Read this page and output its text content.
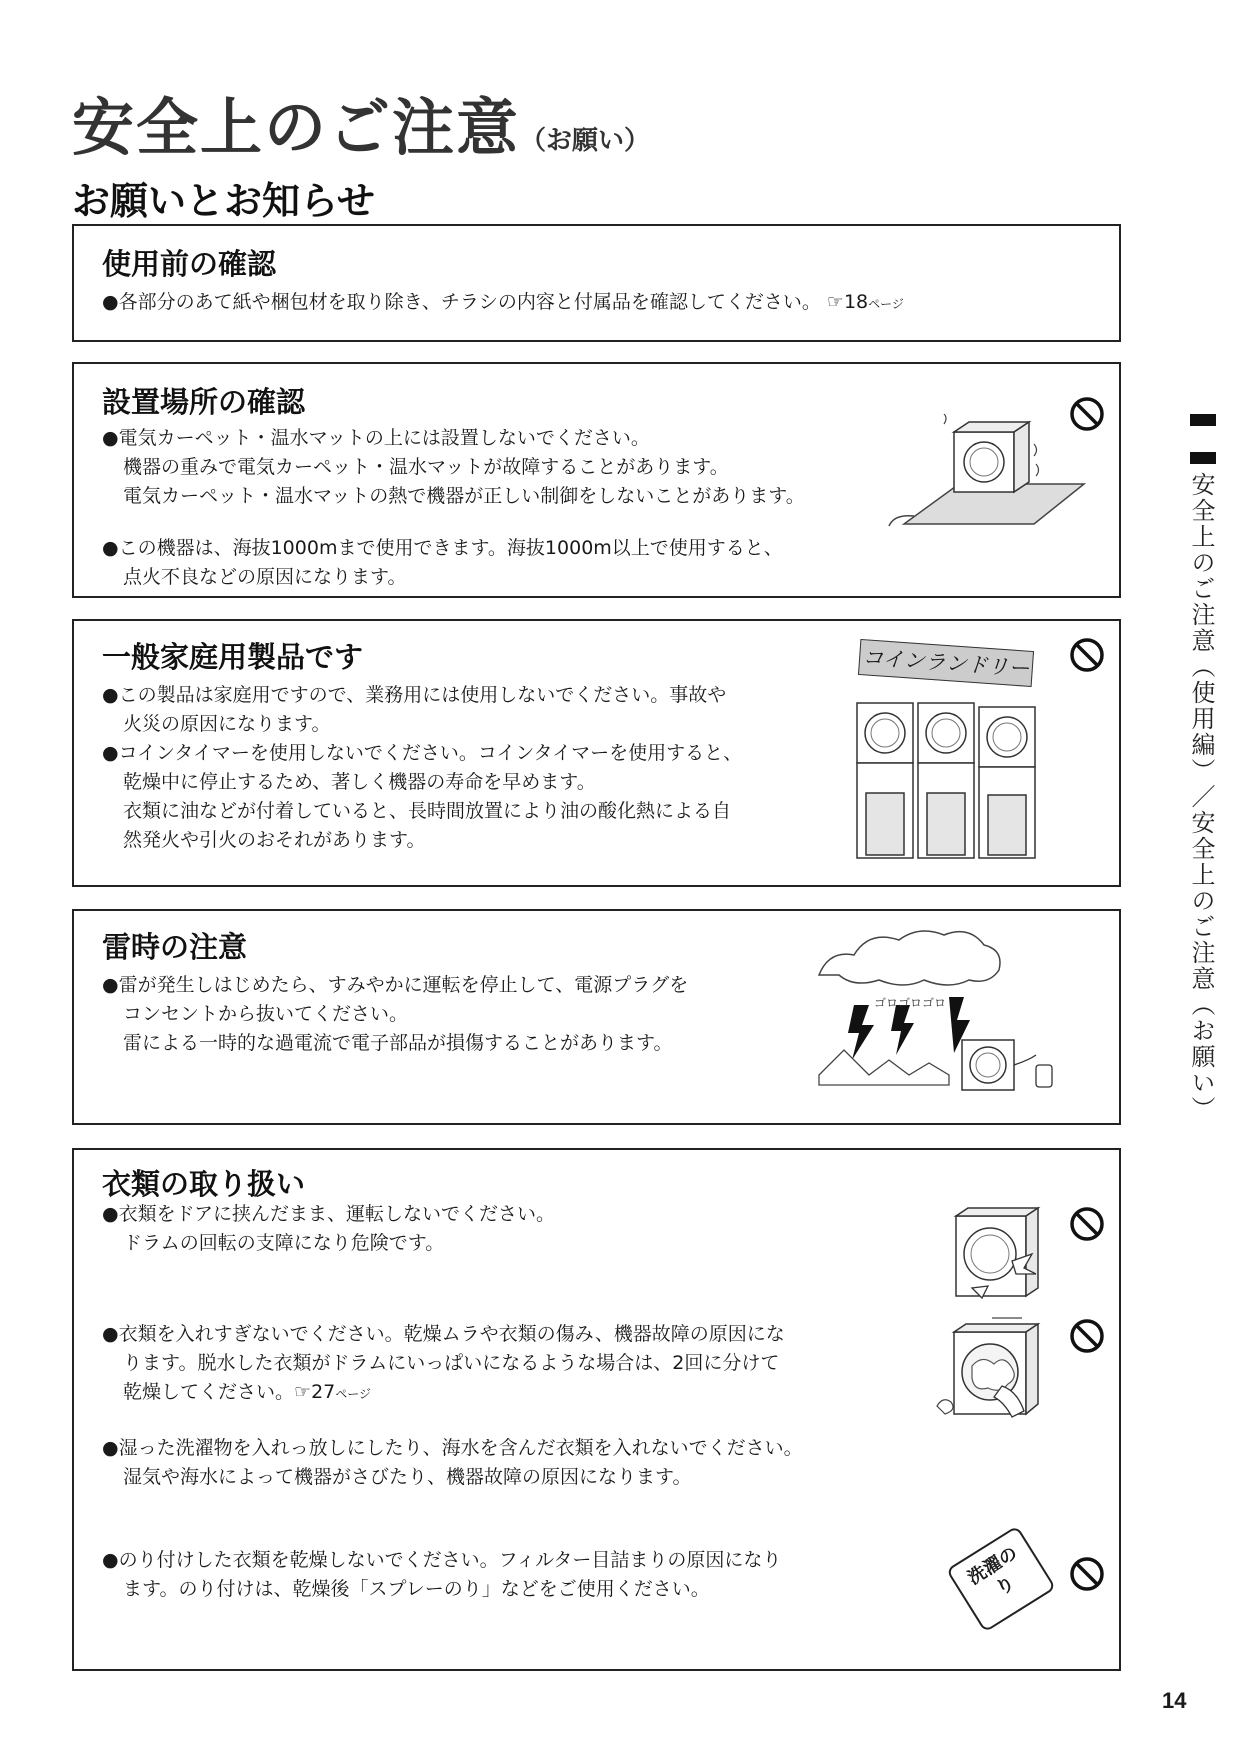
安全上のご注意（お願い）
お願いとお知らせ
使用前の確認
●各部分のあて紙や梱包材を取り除き、チラシの内容と付属品を確認してください。 ☞18ページ
設置場所の確認
●電気カーペット・温水マットの上には設置しないでください。
機器の重みで電気カーペット・温水マットが故障することがあります。
電気カーペット・温水マットの熱で機器が正しい制御をしないことがあります。
●この機器は、海抜1000mまで使用できます。海抜1000m以上で使用すると、
点火不良などの原因になります。
一般家庭用製品です
●この製品は家庭用ですので、業務用には使用しないでください。事故や
火災の原因になります。
●コインタイマーを使用しないでください。コインタイマーを使用すると、
乾燥中に停止するため、著しく機器の寿命を早めます。
衣類に油などが付着していると、長時間放置により油の酸化熱による自
然発火や引火のおそれがあります。
コインランドリー
雷時の注意
●雷が発生しはじめたら、すみやかに運転を停止して、電源プラグを
コンセントから抜いてください。
雷による一時的な過電流で電子部品が損傷することがあります。
ゴロゴロゴロ
衣類の取り扱い
●衣類をドアに挟んだまま、運転しないでください。
ドラムの回転の支障になり危険です。
●衣類を入れすぎないでください。乾燥ムラや衣類の傷み、機器故障の原因にな
ります。脱水した衣類がドラムにいっぱいになるような場合は、2回に分けて
乾燥してください。☞27ページ
●湿った洗濯物を入れっ放しにしたり、海水を含んだ衣類を入れないでください。
湿気や海水によって機器がさびたり、機器故障の原因になります。
●のり付けした衣類を乾燥しないでください。フィルター目詰まりの原因になり
ます。のり付けは、乾燥後「スプレーのり」などをご使用ください。	洗濯のり
安全上のご注意（使用編）／安全上のご注意（お願い）
14
